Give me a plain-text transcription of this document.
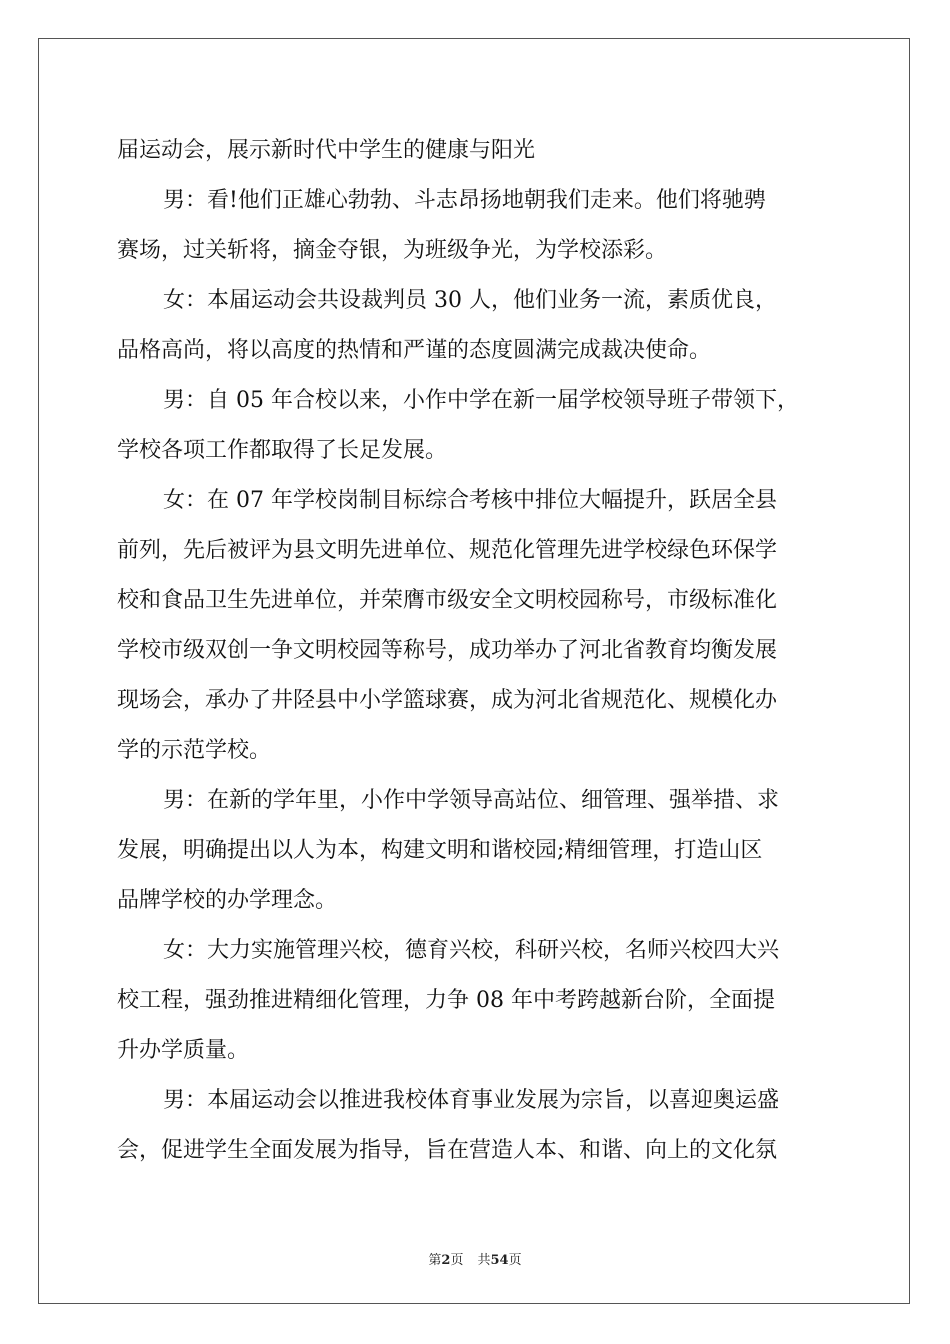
届运动会，展示新时代中学生的健康与阳光
男：看!他们正雄心勃勃、斗志昂扬地朝我们走来。他们将驰骋
赛场，过关斩将，摘金夺银，为班级争光，为学校添彩。
女：本届运动会共设裁判员 30 人，他们业务一流，素质优良，
品格高尚，将以高度的热情和严谨的态度圆满完成裁决使命。
男：自 05 年合校以来，小作中学在新一届学校领导班子带领下，
学校各项工作都取得了长足发展。
女：在 07 年学校岗制目标综合考核中排位大幅提升，跃居全县
前列，先后被评为县文明先进单位、规范化管理先进学校绿色环保学
校和食品卫生先进单位，并荣膺市级安全文明校园称号，市级标准化
学校市级双创一争文明校园等称号，成功举办了河北省教育均衡发展
现场会，承办了井陉县中小学篮球赛，成为河北省规范化、规模化办
学的示范学校。
男：在新的学年里，小作中学领导高站位、细管理、强举措、求
发展，明确提出以人为本，构建文明和谐校园;精细管理，打造山区
品牌学校的办学理念。
女：大力实施管理兴校，德育兴校，科研兴校，名师兴校四大兴
校工程，强劲推进精细化管理，力争 08 年中考跨越新台阶，全面提
升办学质量。
男：本届运动会以推进我校体育事业发展为宗旨，以喜迎奥运盛
会，促进学生全面发展为指导，旨在营造人本、和谐、向上的文化氛
第2页 共54页
